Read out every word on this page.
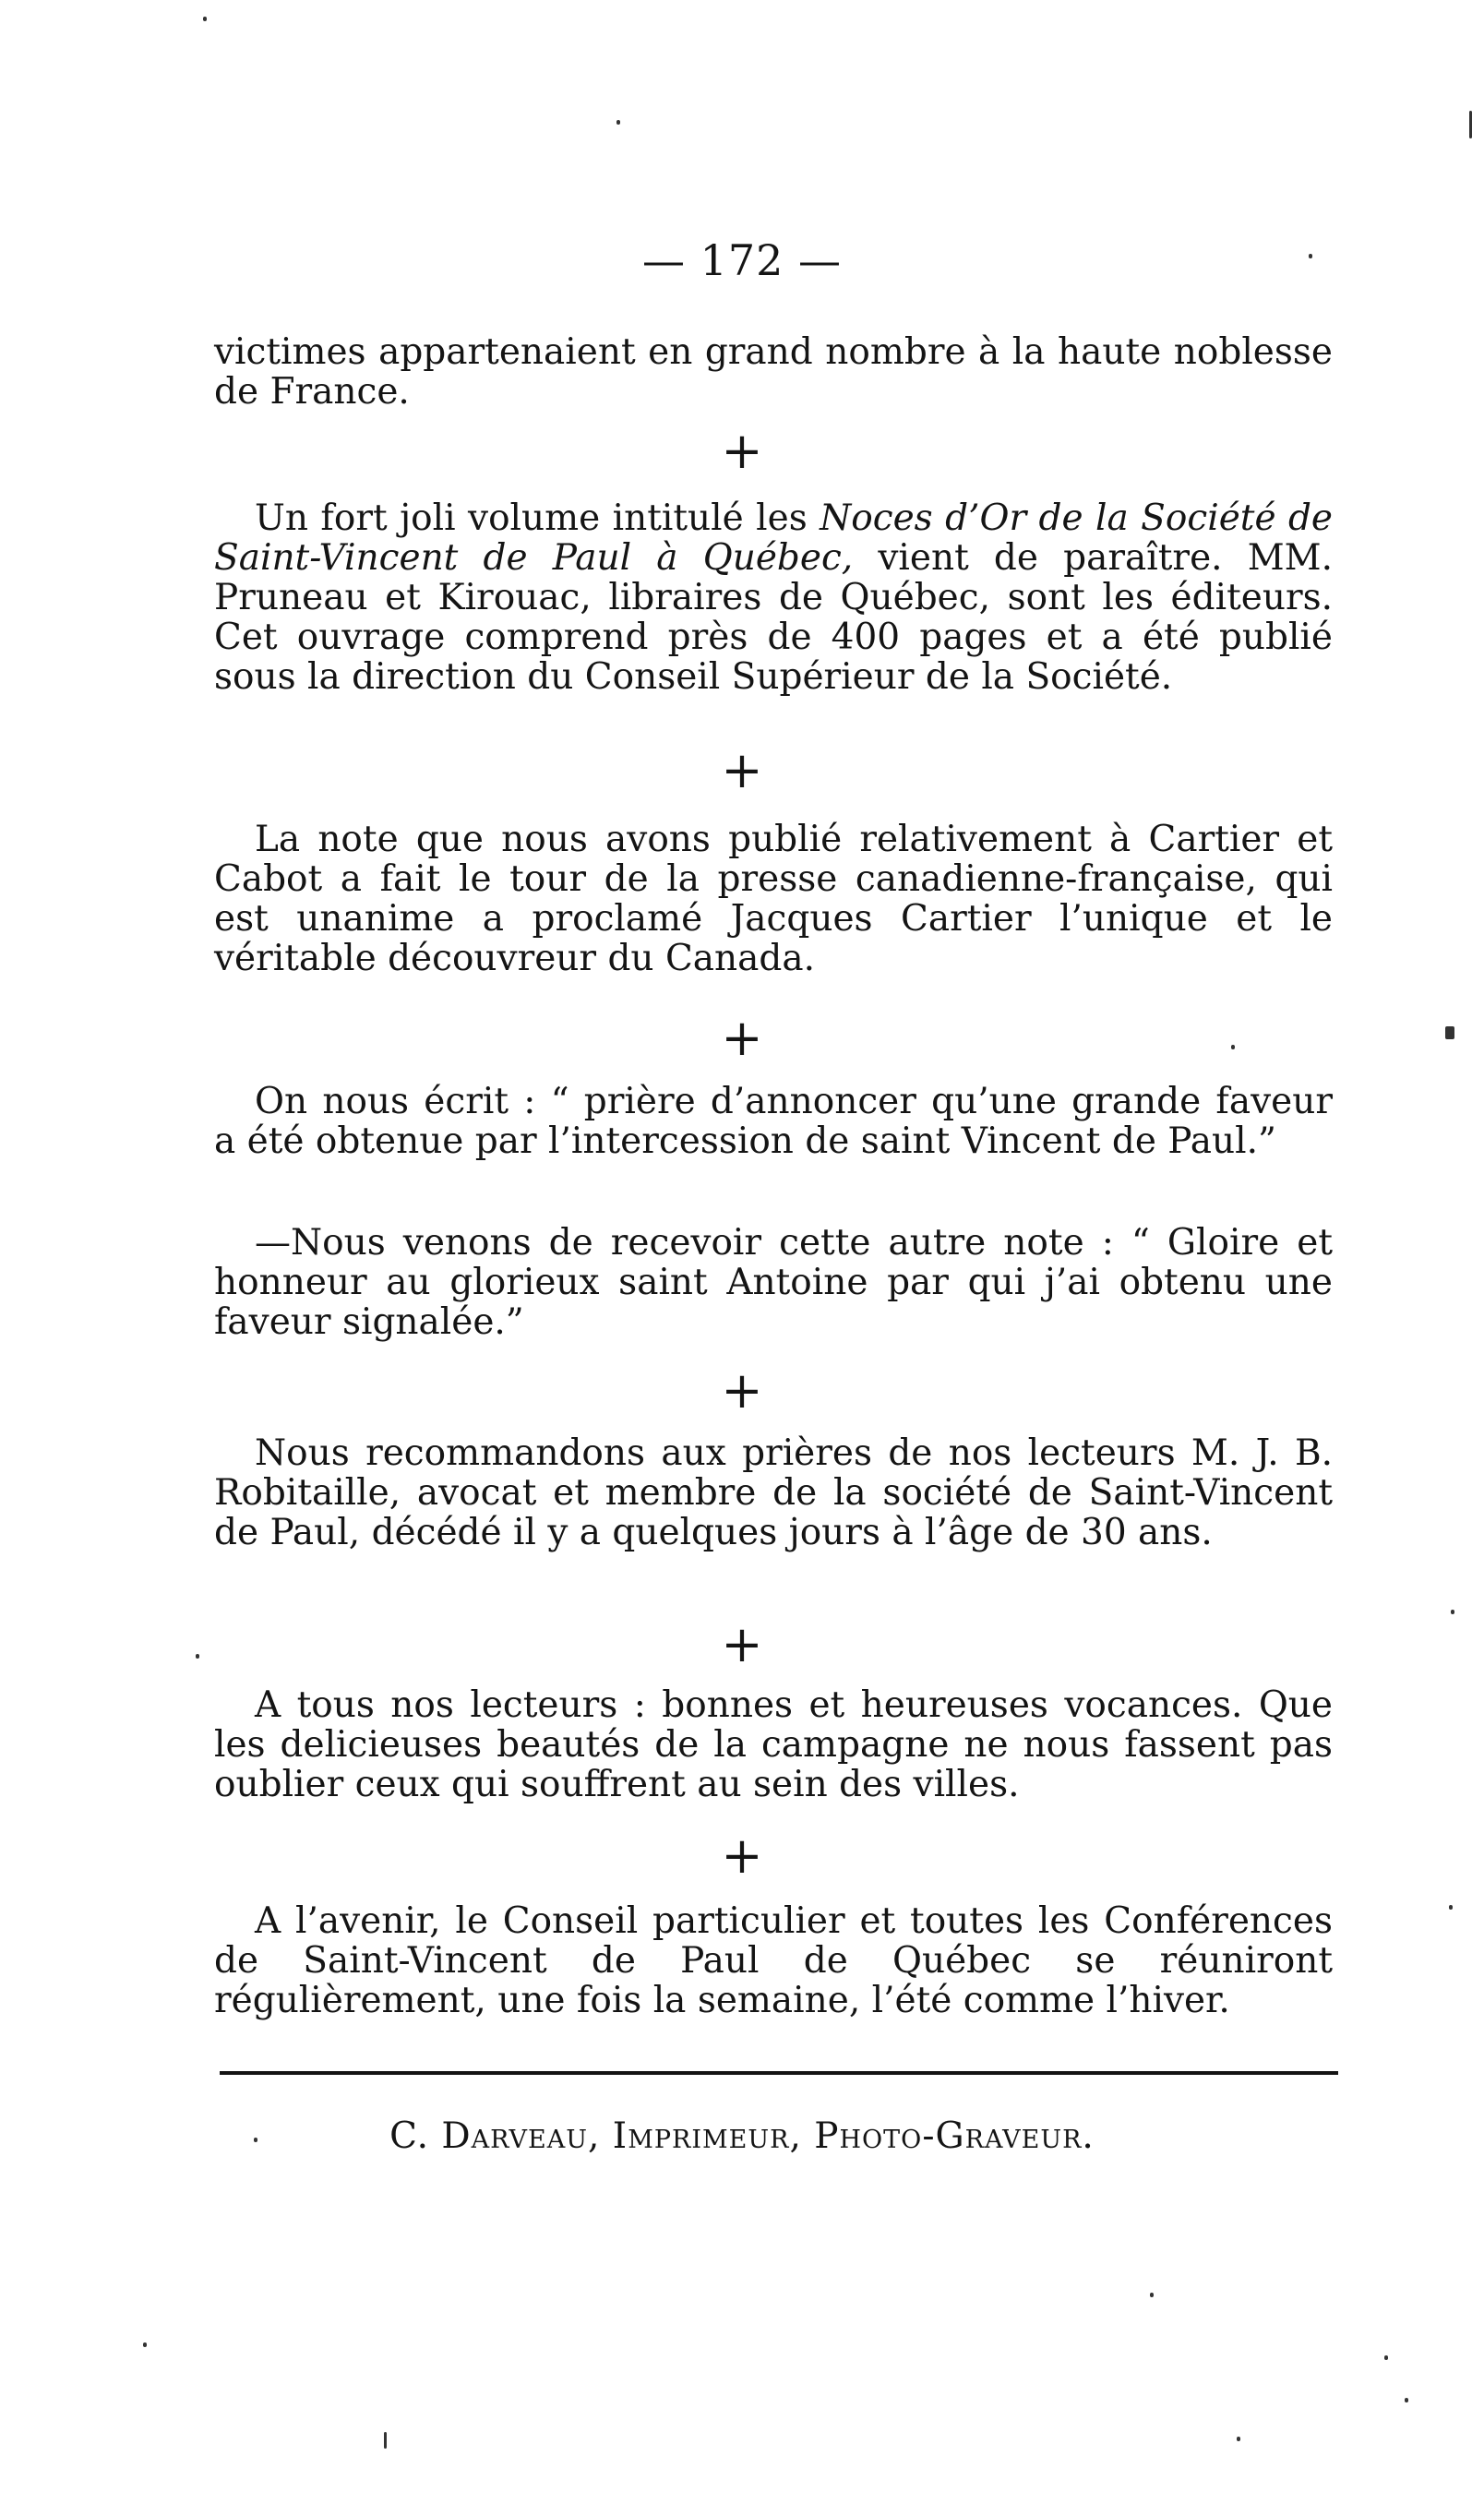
— 172 —

victimes appartenaient en grand nombre à la haute noblesse de France.

+

Un fort joli volume intitulé les Noces d’Or de la Société de Saint-Vincent de Paul à Québec, vient de paraître. MM. Pruneau et Kirouac, libraires de Québec, sont les éditeurs. Cet ouvrage comprend près de 400 pages et a été publié sous la direction du Conseil Supérieur de la Société.

+

La note que nous avons publié relativement à Cartier et Cabot a fait le tour de la presse canadienne-française, qui est unanime a proclamé Jacques Cartier l’unique et le véritable découvreur du Canada.

+

On nous écrit : “ prière d’annoncer qu’une grande faveur a été obtenue par l’intercession de saint Vincent de Paul.”

—Nous venons de recevoir cette autre note : “ Gloire et honneur au glorieux saint Antoine par qui j’ai obtenu une faveur signalée.”

+

Nous recommandons aux prières de nos lecteurs M. J. B. Robitaille, avocat et membre de la société de Saint-Vincent de Paul, décédé il y a quelques jours à l’âge de 30 ans.

+

A tous nos lecteurs : bonnes et heureuses vocances. Que les delicieuses beautés de la campagne ne nous fassent pas oublier ceux qui souffrent au sein des villes.

+

A l’avenir, le Conseil particulier et toutes les Conférences de Saint-Vincent de Paul de Québec se réuniront régulièrement, une fois la semaine, l’été comme l’hiver.

C. Darveau, Imprimeur, Photo-Graveur.
